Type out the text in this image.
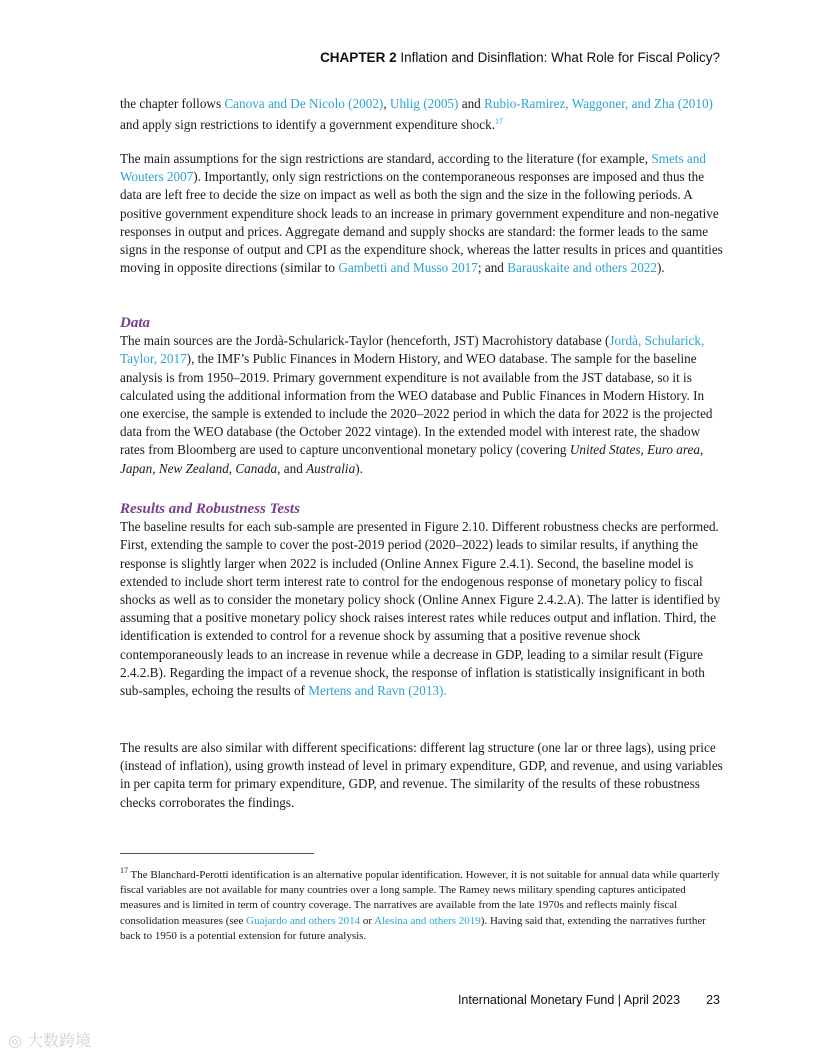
CHAPTER 2 Inflation and Disinflation: What Role for Fiscal Policy?

the chapter follows Canova and De Nicolo (2002), Uhlig (2005) and Rubio-Ramirez, Waggoner, and Zha (2010) and apply sign restrictions to identify a government expenditure shock.$^{17}$

The main assumptions for the sign restrictions are standard, according to the literature (for example, Smets and Wouters 2007). Importantly, only sign restrictions on the contemporaneous responses are imposed and thus the data are left free to decide the size on impact as well as both the sign and the size in the following periods. A positive government expenditure shock leads to an increase in primary government expenditure and non-negative responses in output and prices. Aggregate demand and supply shocks are standard: the former leads to the same signs in the response of output and CPI as the expenditure shock, whereas the latter results in prices and quantities moving in opposite directions (similar to Gambetti and Musso 2017; and Barauskaite and others 2022).

Data

The main sources are the Jordà-Schularick-Taylor (henceforth, JST) Macrohistory database (Jordà, Schularick, Taylor, 2017), the IMF’s Public Finances in Modern History, and WEO database. The sample for the baseline analysis is from 1950–2019. Primary government expenditure is not available from the JST database, so it is calculated using the additional information from the WEO database and Public Finances in Modern History. In one exercise, the sample is extended to include the 2020–2022 period in which the data for 2022 is the projected data from the WEO database (the October 2022 vintage). In the extended model with interest rate, the shadow rates from Bloomberg are used to capture unconventional monetary policy (covering United States, Euro area, Japan, New Zealand, Canada, and Australia).

Results and Robustness Tests

The baseline results for each sub-sample are presented in Figure 2.10. Different robustness checks are performed. First, extending the sample to cover the post-2019 period (2020–2022) leads to similar results, if anything the response is slightly larger when 2022 is included (Online Annex Figure 2.4.1). Second, the baseline model is extended to include short term interest rate to control for the endogenous response of monetary policy to fiscal shocks as well as to consider the monetary policy shock (Online Annex Figure 2.4.2.A). The latter is identified by assuming that a positive monetary policy shock raises interest rates while reduces output and inflation. Third, the identification is extended to control for a revenue shock by assuming that a positive revenue shock contemporaneously leads to an increase in revenue while a decrease in GDP, leading to a similar result (Figure 2.4.2.B). Regarding the impact of a revenue shock, the response of inflation is statistically insignificant in both sub-samples, echoing the results of Mertens and Ravn (2013).

The results are also similar with different specifications: different lag structure (one lar or three lags), using price (instead of inflation), using growth instead of level in primary expenditure, GDP, and revenue, and using variables in per capita term for primary expenditure, GDP, and revenue. The similarity of the results of these robustness checks corroborates the findings.

$^{17}$ The Blanchard-Perotti identification is an alternative popular identification. However, it is not suitable for annual data while quarterly fiscal variables are not available for many countries over a long sample. The Ramey news military spending captures anticipated measures and is limited in term of country coverage. The narratives are available from the late 1970s and reflects mainly fiscal consolidation measures (see Guajardo and others 2014 or Alesina and others 2019). Having said that, extending the narratives further back to 1950 is a potential extension for future analysis.
International Monetary Fund | April 2023 23
◎ 大数跨境
